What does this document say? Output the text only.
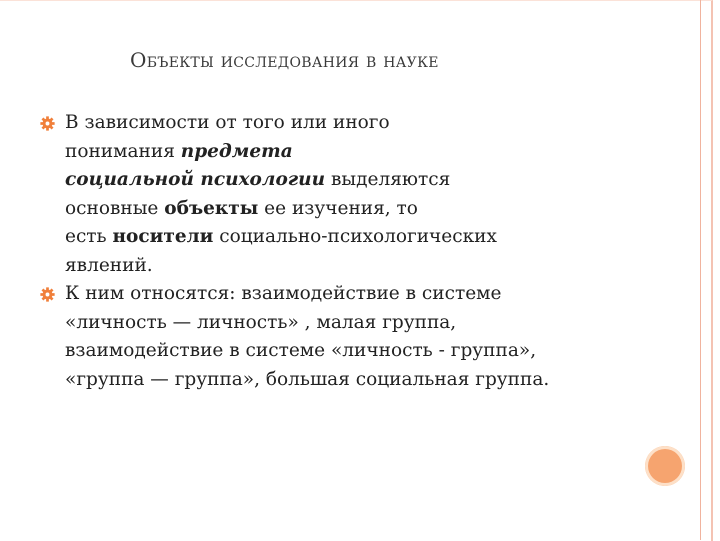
Объекты исследования в науке
В зависимости от того или иного
понимания предмета
социальной психологии выделяются
основные объекты ее изучения, то
есть носители социально-психологических
явлений.
К ним относятся: взаимодействие в системе
«личность — личность» , малая группа,
взаимодействие в системе «личность - группа»,
«группа — группа», большая социальная группа.
